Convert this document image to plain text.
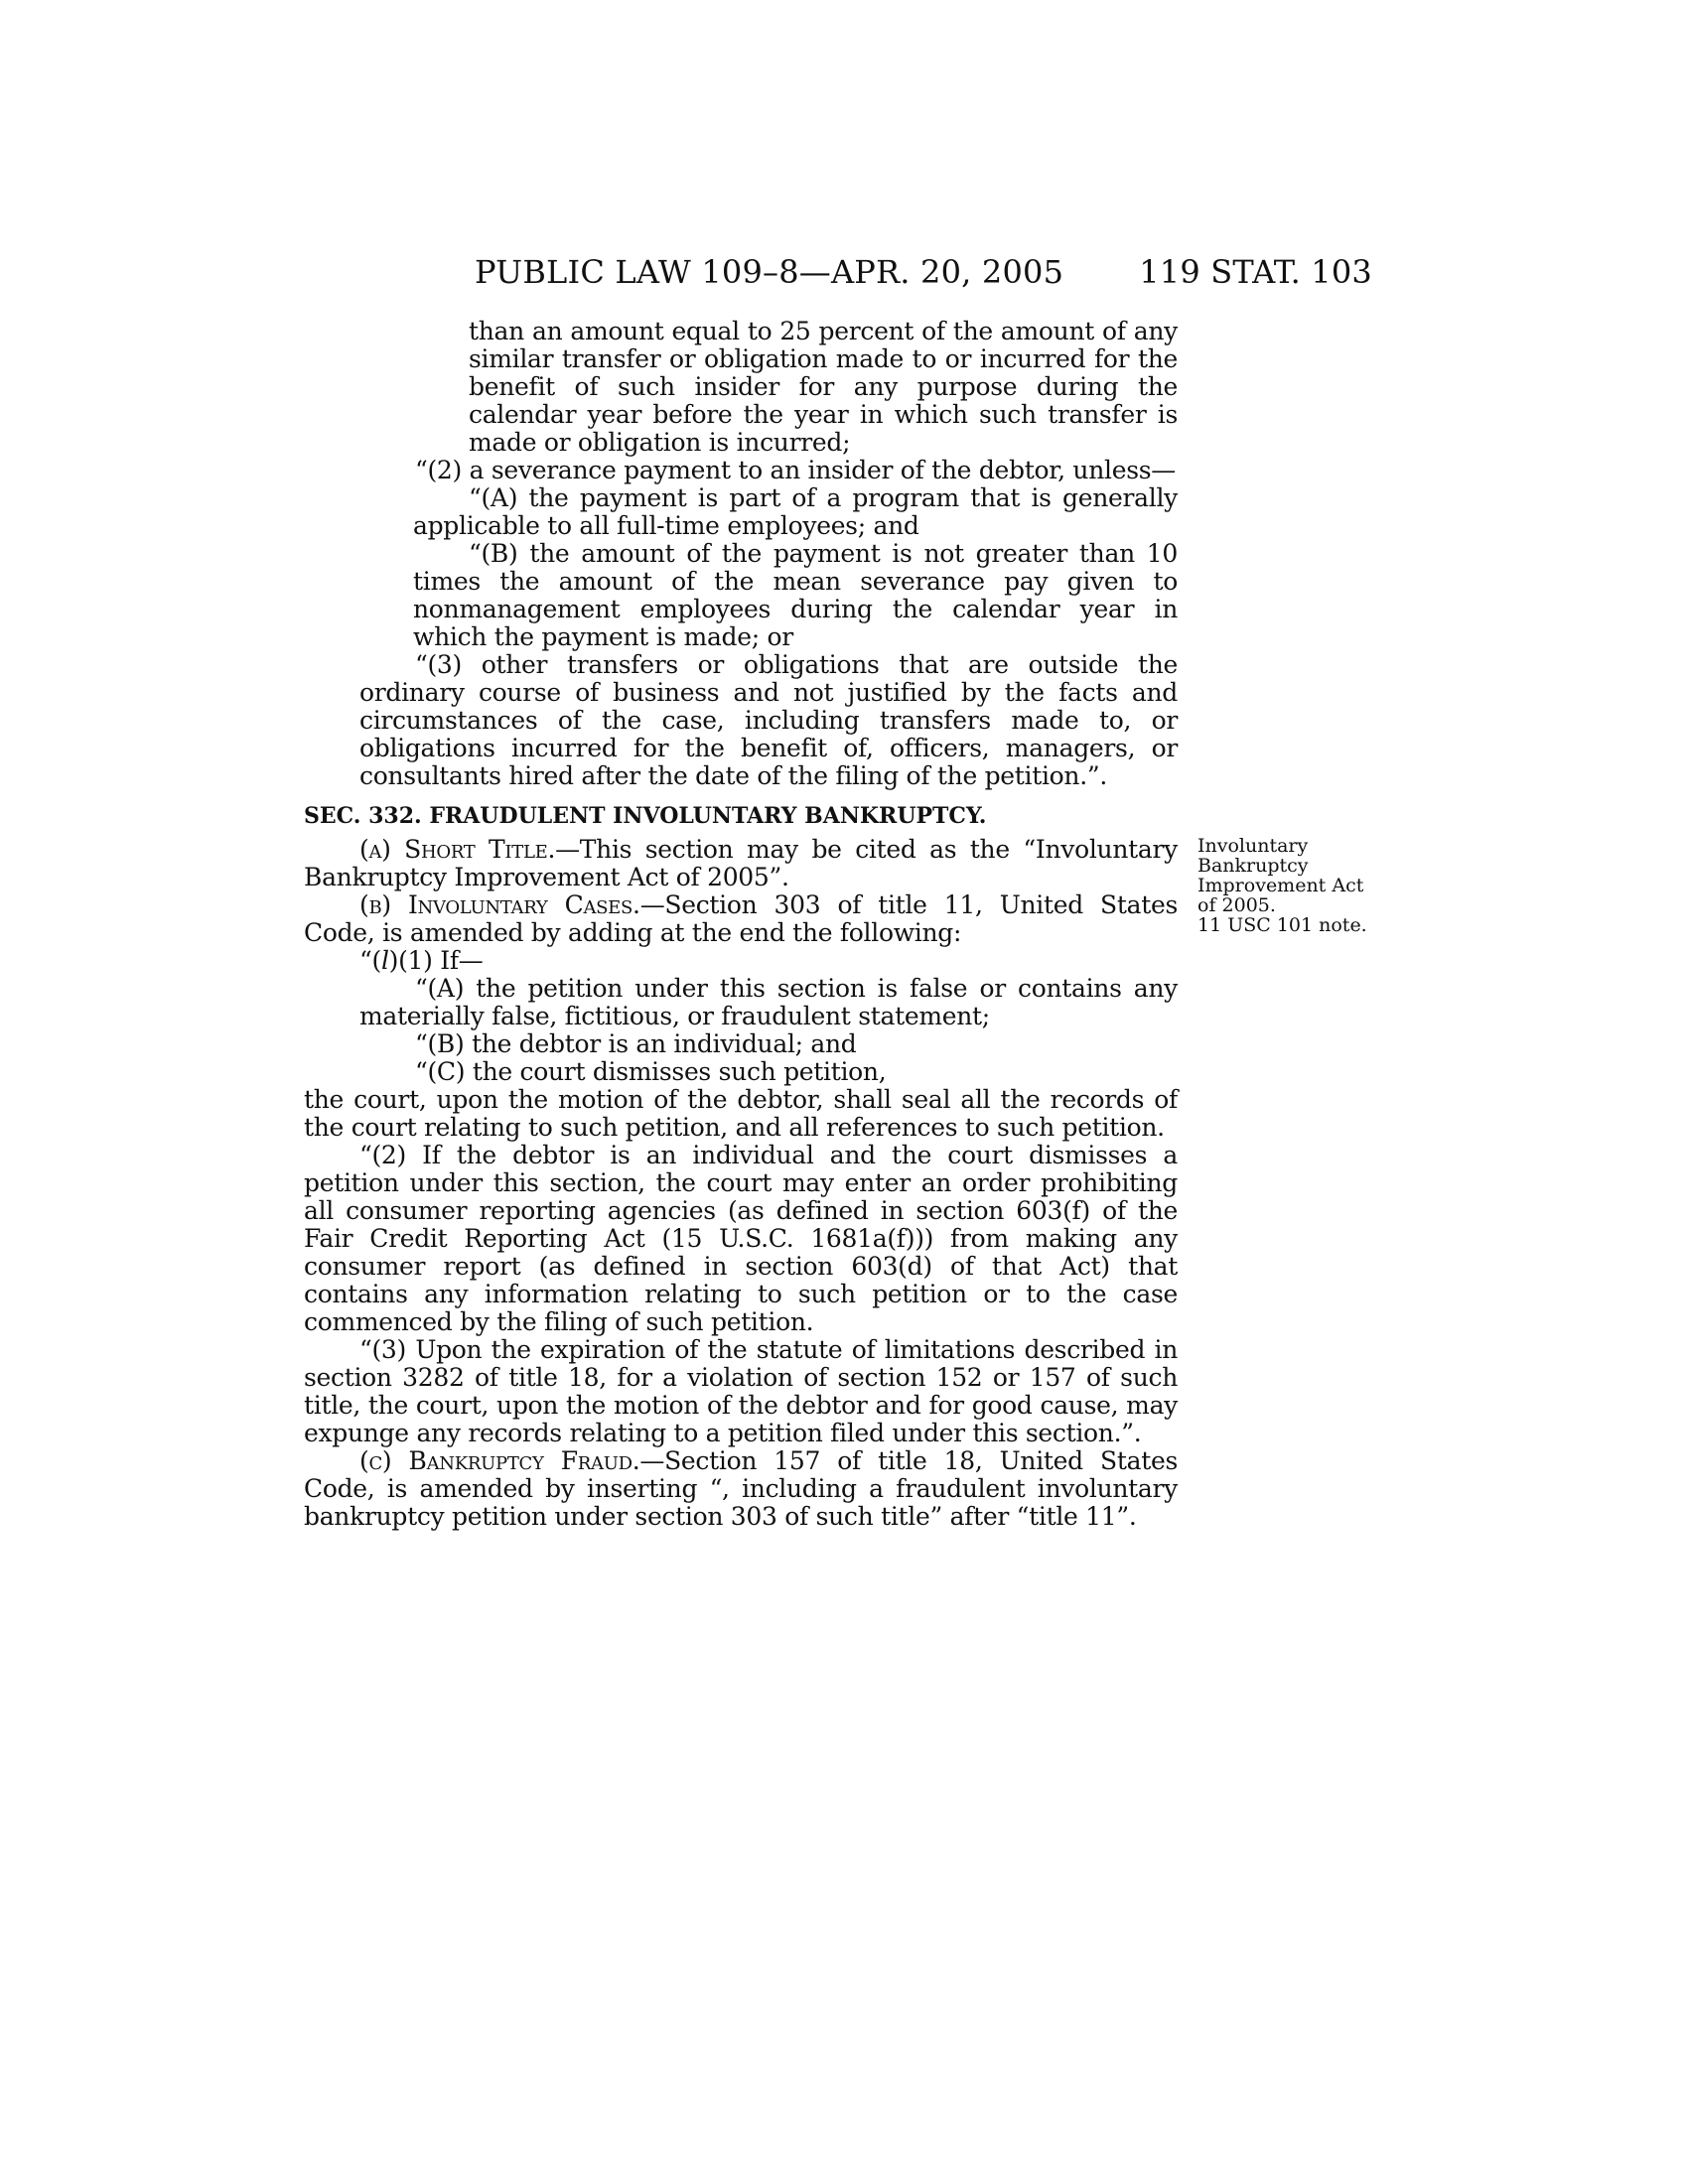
PUBLIC LAW 109–8—APR. 20, 2005 119 STAT. 103

than an amount equal to 25 percent of the amount of any similar transfer or obligation made to or incurred for the benefit of such insider for any purpose during the calendar year before the year in which such transfer is made or obligation is incurred;

“(2) a severance payment to an insider of the debtor, unless—

“(A) the payment is part of a program that is generally applicable to all full-time employees; and

“(B) the amount of the payment is not greater than 10 times the amount of the mean severance pay given to nonmanagement employees during the calendar year in which the payment is made; or

“(3) other transfers or obligations that are outside the ordinary course of business and not justified by the facts and circumstances of the case, including transfers made to, or obligations incurred for the benefit of, officers, managers, or consultants hired after the date of the filing of the petition.”.

SEC. 332. FRAUDULENT INVOLUNTARY BANKRUPTCY.

(a) Short Title.—This section may be cited as the “Involuntary Bankruptcy Improvement Act of 2005”.

(b) Involuntary Cases.—Section 303 of title 11, United States Code, is amended by adding at the end the following:

“(l)(1) If—

“(A) the petition under this section is false or contains any materially false, fictitious, or fraudulent statement;

“(B) the debtor is an individual; and

“(C) the court dismisses such petition,

the court, upon the motion of the debtor, shall seal all the records of the court relating to such petition, and all references to such petition.

“(2) If the debtor is an individual and the court dismisses a petition under this section, the court may enter an order prohibiting all consumer reporting agencies (as defined in section 603(f) of the Fair Credit Reporting Act (15 U.S.C. 1681a(f))) from making any consumer report (as defined in section 603(d) of that Act) that contains any information relating to such petition or to the case commenced by the filing of such petition.

“(3) Upon the expiration of the statute of limitations described in section 3282 of title 18, for a violation of section 152 or 157 of such title, the court, upon the motion of the debtor and for good cause, may expunge any records relating to a petition filed under this section.”.

(c) Bankruptcy Fraud.—Section 157 of title 18, United States Code, is amended by inserting “, including a fraudulent involuntary bankruptcy petition under section 303 of such title” after “title 11”.

Involuntary
Bankruptcy
Improvement Act
of 2005.
11 USC 101 note.
